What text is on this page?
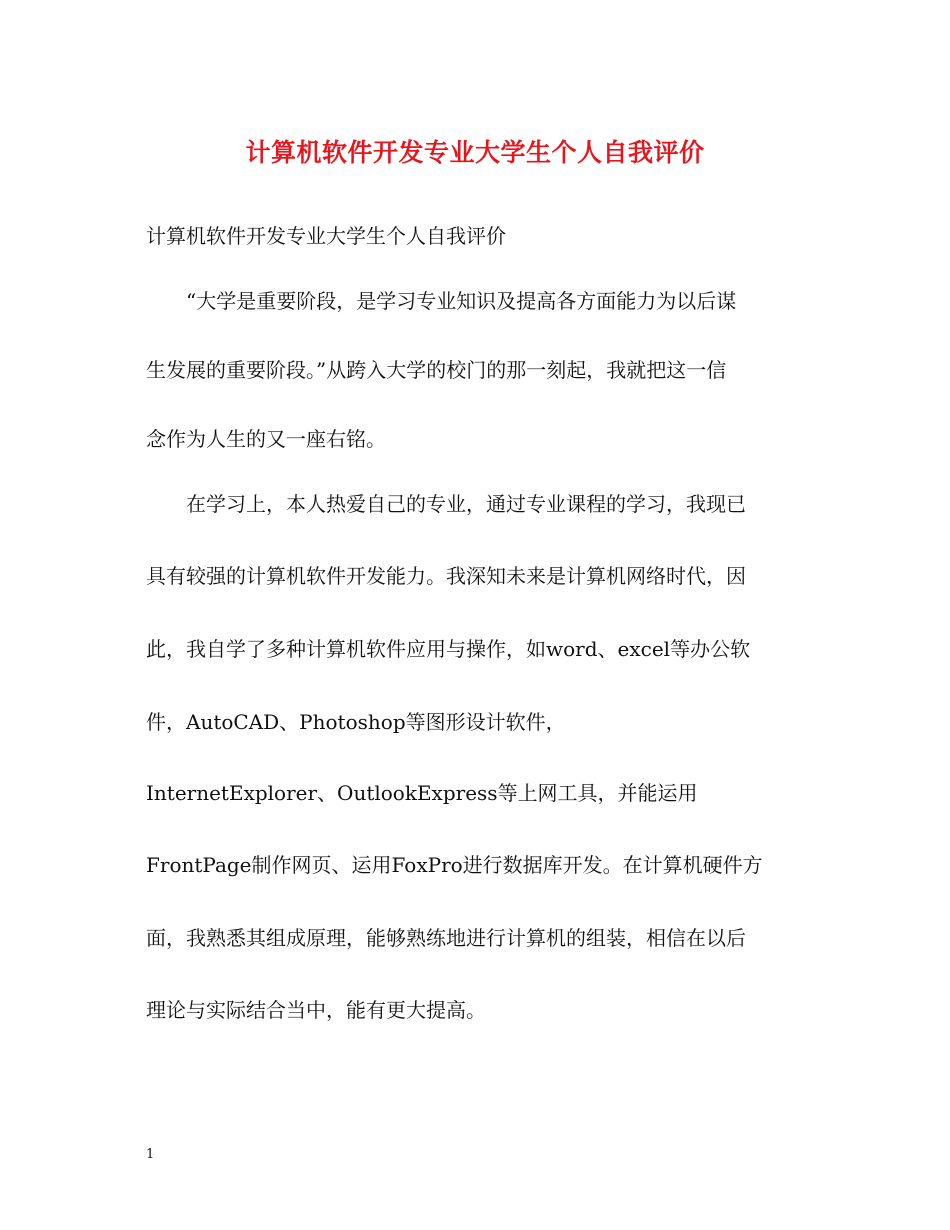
计算机软件开发专业大学生个人自我评价
计算机软件开发专业大学生个人自我评价
“大学是重要阶段，是学习专业知识及提高各方面能力为以后谋
生发展的重要阶段。”从跨入大学的校门的那一刻起，我就把这一信
念作为人生的又一座右铭。
在学习上，本人热爱自己的专业，通过专业课程的学习，我现已
具有较强的计算机软件开发能力。我深知未来是计算机网络时代，因
此，我自学了多种计算机软件应用与操作，如word、excel等办公软
件，AutoCAD、Photoshop等图形设计软件，
InternetExplorer、OutlookExpress等上网工具，并能运用
FrontPage制作网页、运用FoxPro进行数据库开发。在计算机硬件方
面，我熟悉其组成原理，能够熟练地进行计算机的组装，相信在以后
理论与实际结合当中，能有更大提高。
1
